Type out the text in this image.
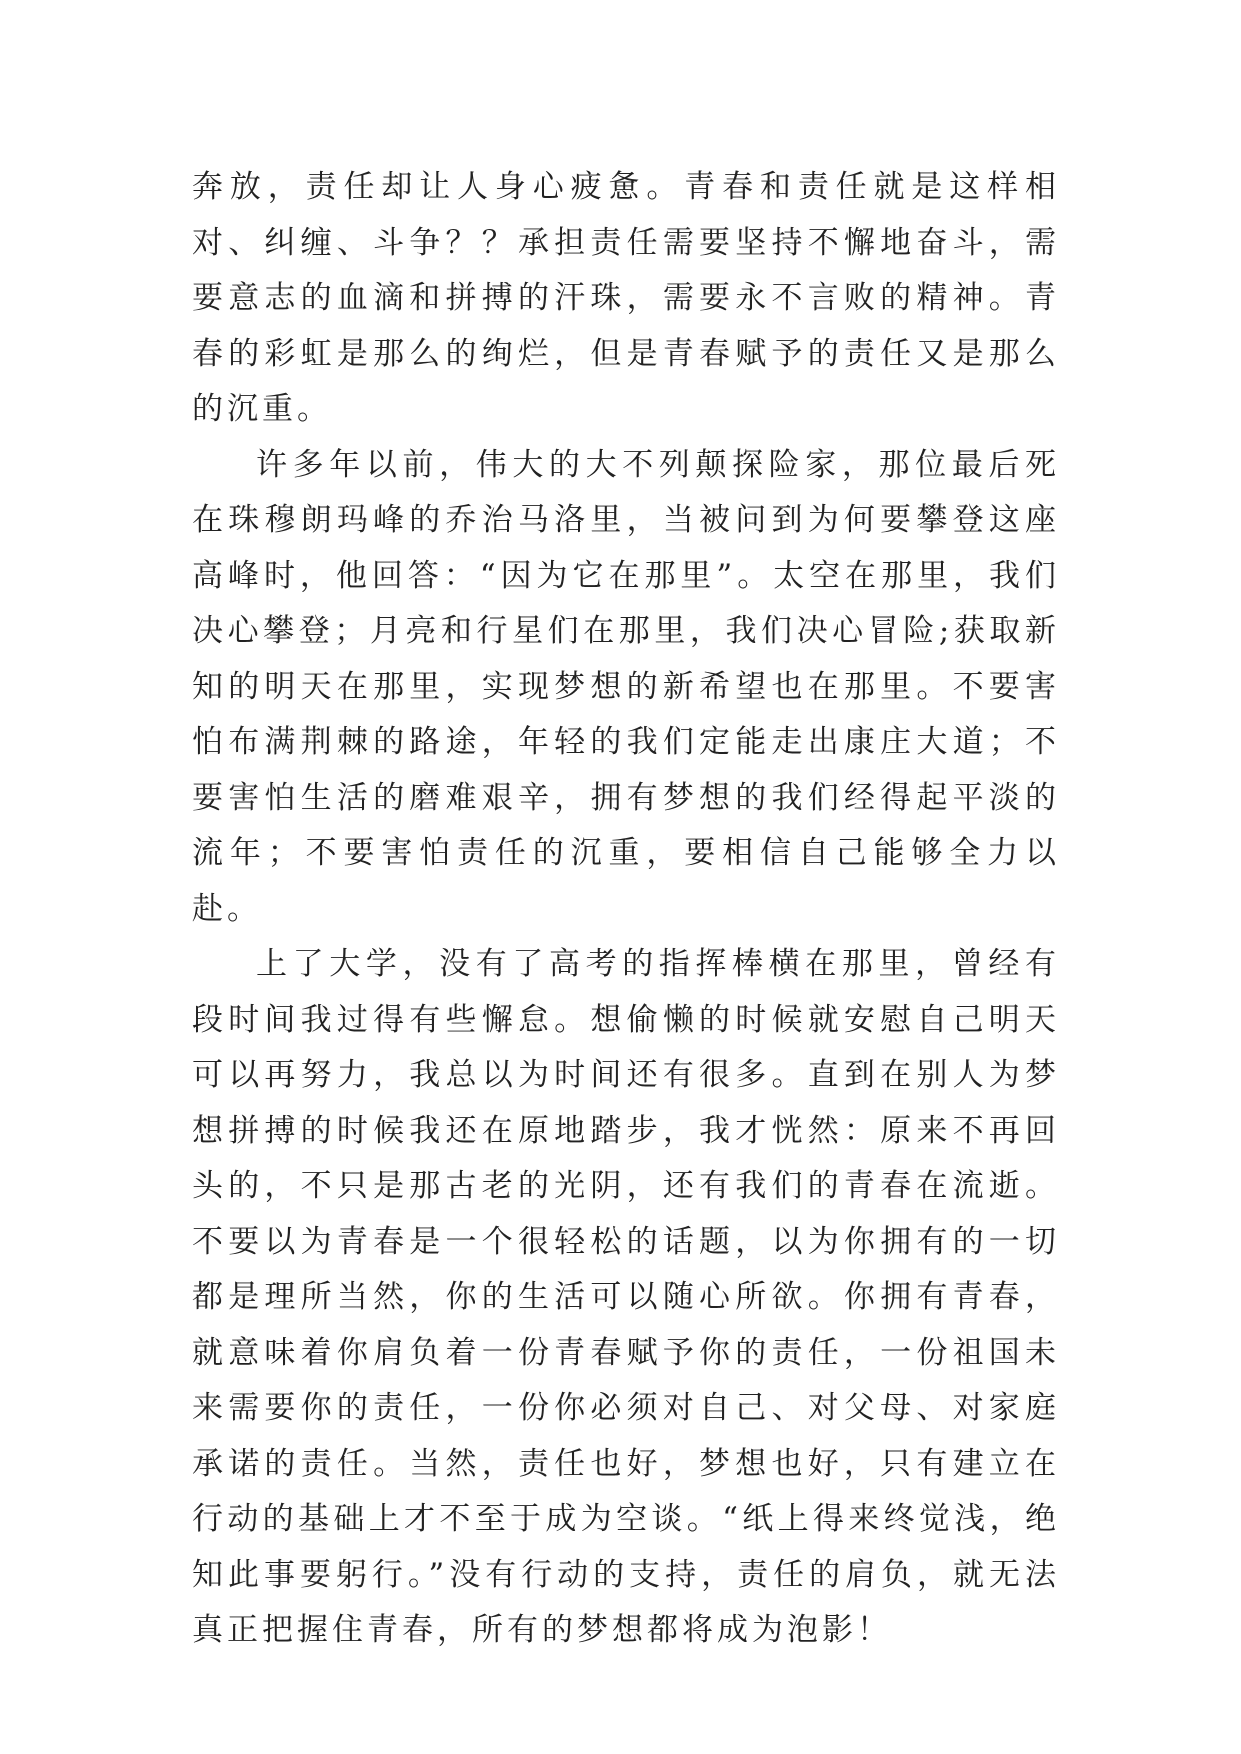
奔放，责任却让人身心疲惫。青春和责任就是这样相对、纠缠、斗争？？承担责任需要坚持不懈地奋斗，需要意志的血滴和拼搏的汗珠，需要永不言败的精神。青春的彩虹是那么的绚烂，但是青春赋予的责任又是那么的沉重。

许多年以前，伟大的大不列颠探险家，那位最后死在珠穆朗玛峰的乔治马洛里，当被问到为何要攀登这座高峰时，他回答：“因为它在那里”。太空在那里，我们决心攀登；月亮和行星们在那里，我们决心冒险;获取新知的明天在那里，实现梦想的新希望也在那里。不要害怕布满荆棘的路途，年轻的我们定能走出康庄大道；不要害怕生活的磨难艰辛，拥有梦想的我们经得起平淡的流年；不要害怕责任的沉重，要相信自己能够全力以赴。

上了大学，没有了高考的指挥棒横在那里，曾经有段时间我过得有些懈怠。想偷懒的时候就安慰自己明天可以再努力，我总以为时间还有很多。直到在别人为梦想拼搏的时候我还在原地踏步，我才恍然：原来不再回头的，不只是那古老的光阴，还有我们的青春在流逝。不要以为青春是一个很轻松的话题，以为你拥有的一切都是理所当然，你的生活可以随心所欲。你拥有青春，就意味着你肩负着一份青春赋予你的责任，一份祖国未来需要你的责任，一份你必须对自己、对父母、对家庭承诺的责任。当然，责任也好，梦想也好，只有建立在行动的基础上才不至于成为空谈。“纸上得来终觉浅，绝知此事要躬行。”没有行动的支持，责任的肩负，就无法真正把握住青春，所有的梦想都将成为泡影！
